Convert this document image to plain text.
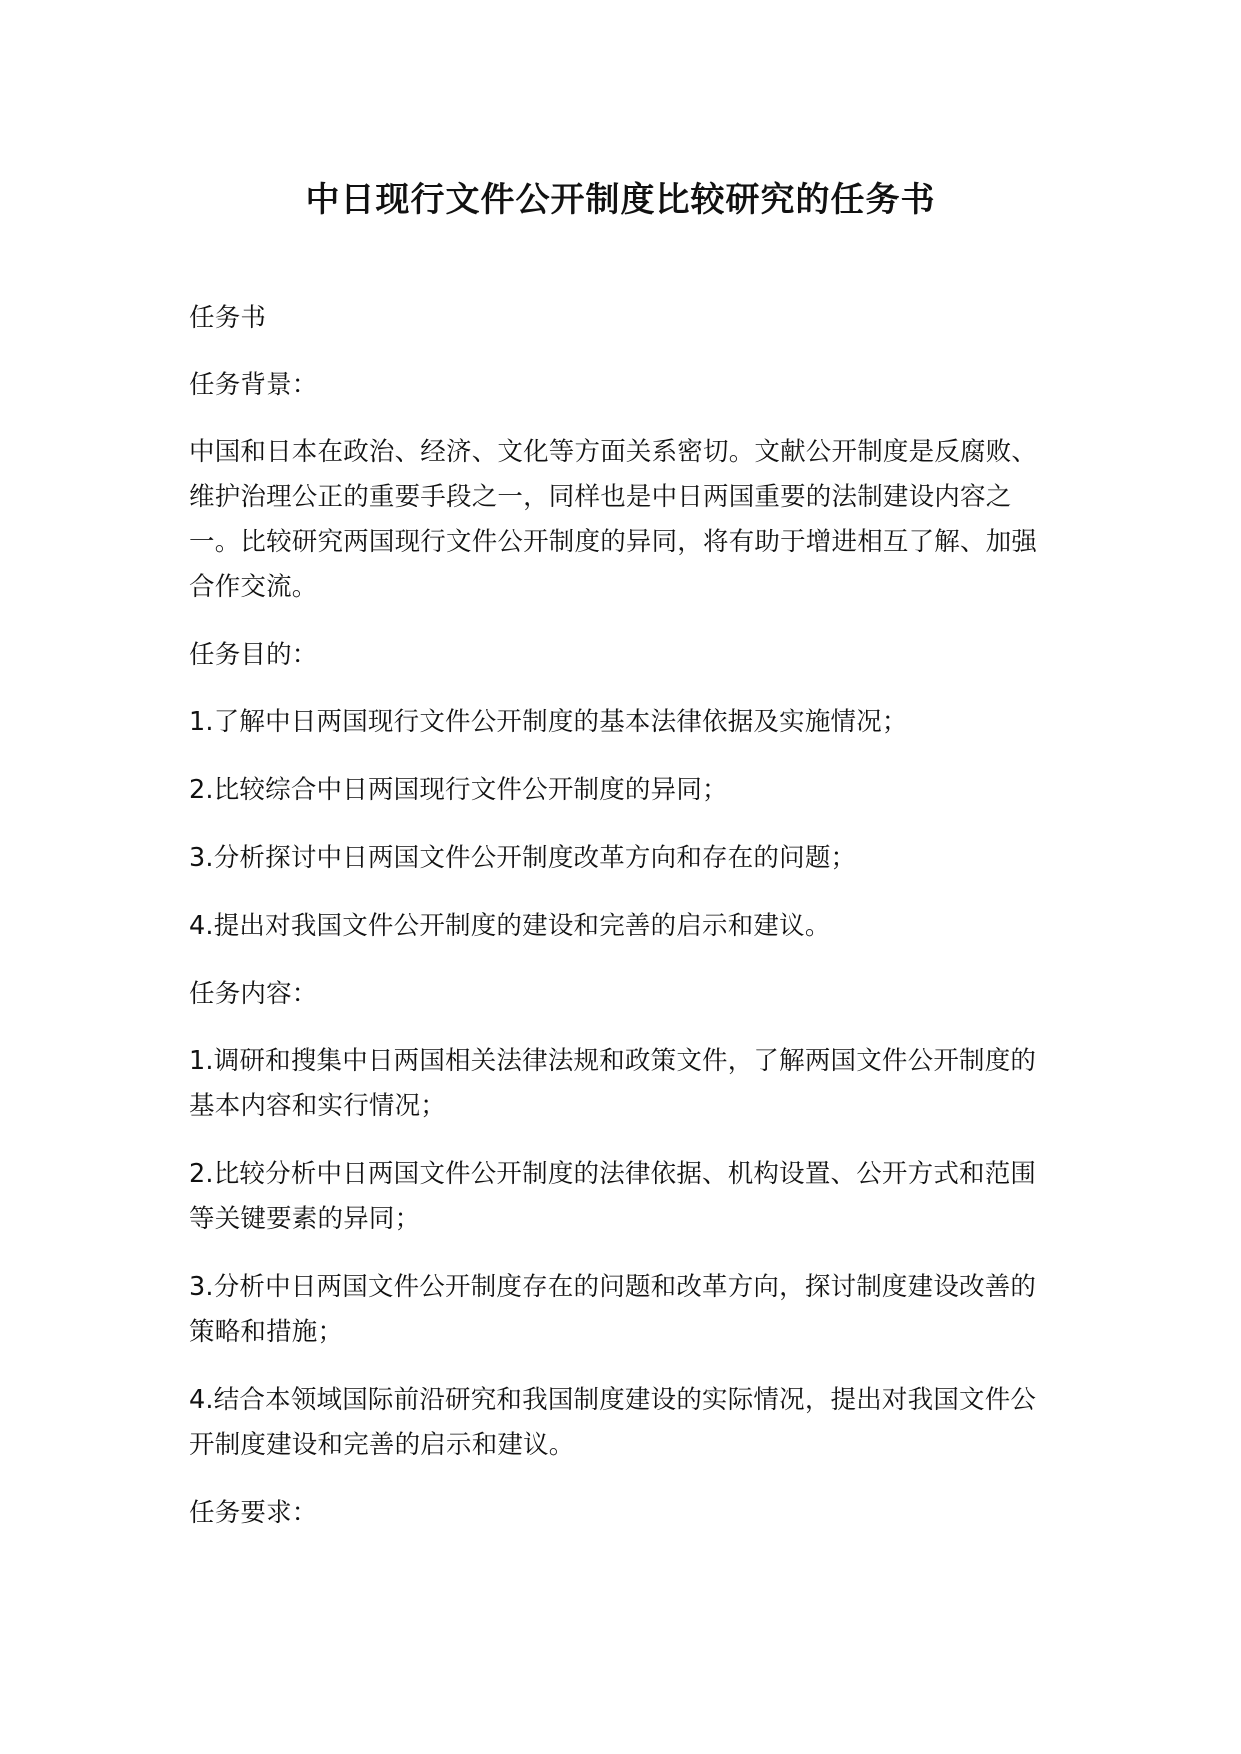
中日现行文件公开制度比较研究的任务书

任务书

任务背景：

中国和日本在政治、经济、文化等方面关系密切。文献公开制度是反腐败、维护治理公正的重要手段之一，同样也是中日两国重要的法制建设内容之一。比较研究两国现行文件公开制度的异同，将有助于增进相互了解、加强合作交流。

任务目的：

1.了解中日两国现行文件公开制度的基本法律依据及实施情况；

2.比较综合中日两国现行文件公开制度的异同；

3.分析探讨中日两国文件公开制度改革方向和存在的问题；

4.提出对我国文件公开制度的建设和完善的启示和建议。

任务内容：

1.调研和搜集中日两国相关法律法规和政策文件，了解两国文件公开制度的基本内容和实行情况；

2.比较分析中日两国文件公开制度的法律依据、机构设置、公开方式和范围等关键要素的异同；

3.分析中日两国文件公开制度存在的问题和改革方向，探讨制度建设改善的策略和措施；

4.结合本领域国际前沿研究和我国制度建设的实际情况，提出对我国文件公开制度建设和完善的启示和建议。

任务要求：
